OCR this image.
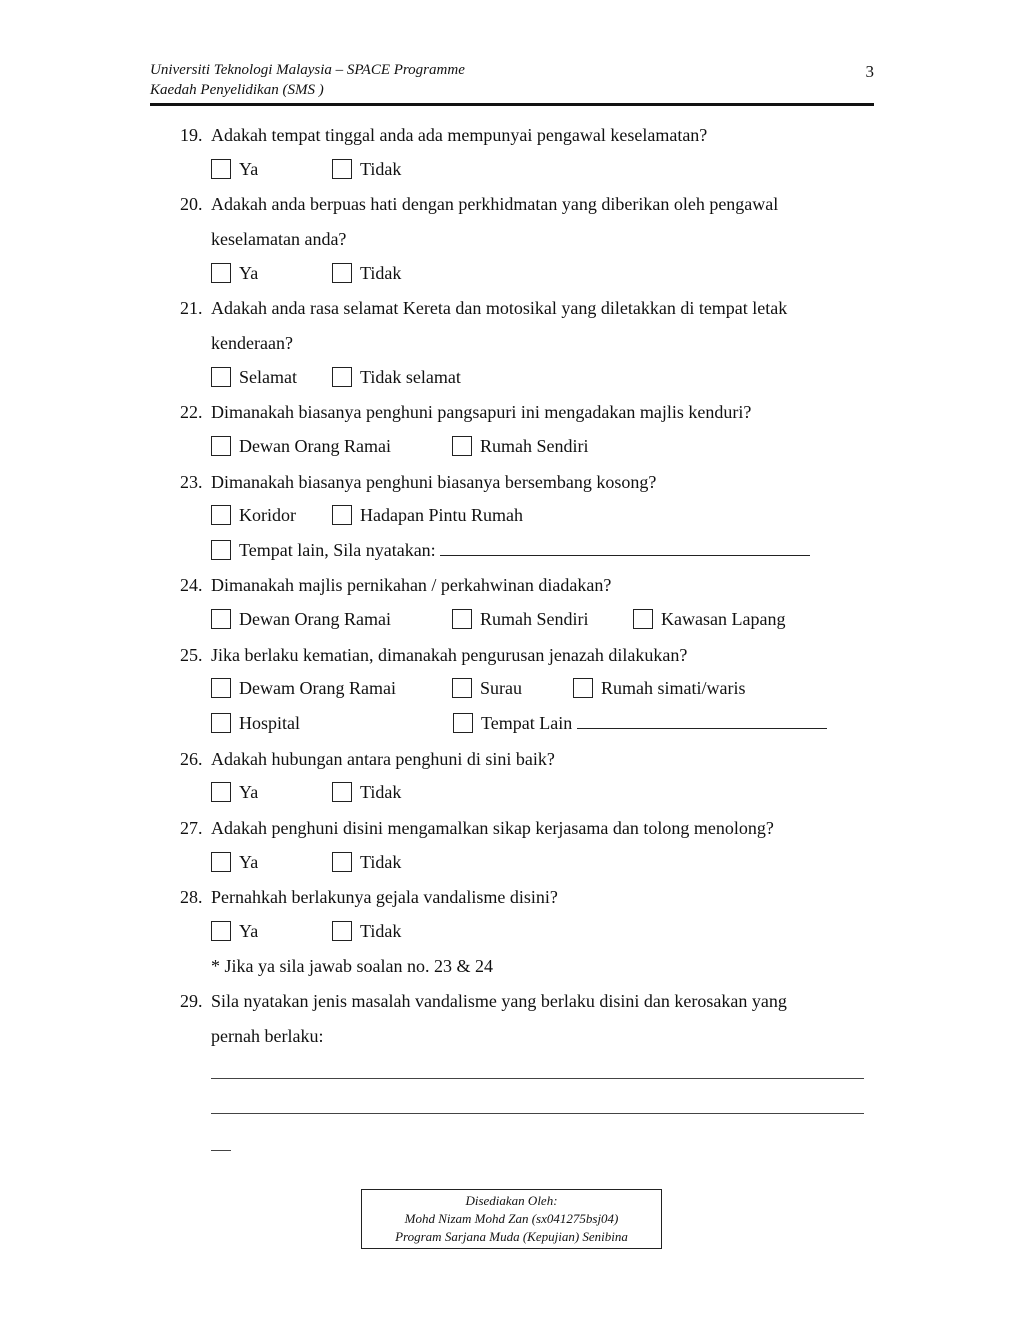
Universiti Teknologi Malaysia – SPACE Programme
Kaedah Penyelidikan (SMS )
3
19. Adakah tempat tinggal anda ada mempunyai pengawal keselamatan?
Ya	Tidak
20. Adakah anda berpuas hati dengan perkhidmatan yang diberikan oleh pengawal
keselamatan anda?
Ya	Tidak
21. Adakah anda rasa selamat Kereta dan motosikal yang diletakkan di tempat letak
kenderaan?
Selamat	Tidak selamat
22. Dimanakah biasanya penghuni pangsapuri ini mengadakan majlis kenduri?
Dewan Orang Ramai	Rumah Sendiri
23. Dimanakah biasanya penghuni biasanya bersembang kosong?
Koridor	Hadapan Pintu Rumah
Tempat lain, Sila nyatakan:
24. Dimanakah majlis pernikahan / perkahwinan diadakan?
Dewan Orang Ramai	Rumah Sendiri	Kawasan Lapang
25. Jika berlaku kematian, dimanakah pengurusan jenazah dilakukan?
Dewam Orang Ramai	Surau	Rumah simati/waris
Hospital	Tempat Lain
26. Adakah hubungan antara penghuni di sini baik?
Ya	Tidak
27. Adakah penghuni disini mengamalkan sikap kerjasama dan tolong menolong?
Ya	Tidak
28. Pernahkah berlakunya gejala vandalisme disini?
Ya	Tidak
* Jika ya sila jawab soalan no. 23 & 24
29. Sila nyatakan jenis masalah vandalisme yang berlaku disini dan kerosakan yang
pernah berlaku:
Disediakan Oleh:
Mohd Nizam Mohd Zan (sx041275bsj04)
Program Sarjana Muda (Kepujian) Senibina
